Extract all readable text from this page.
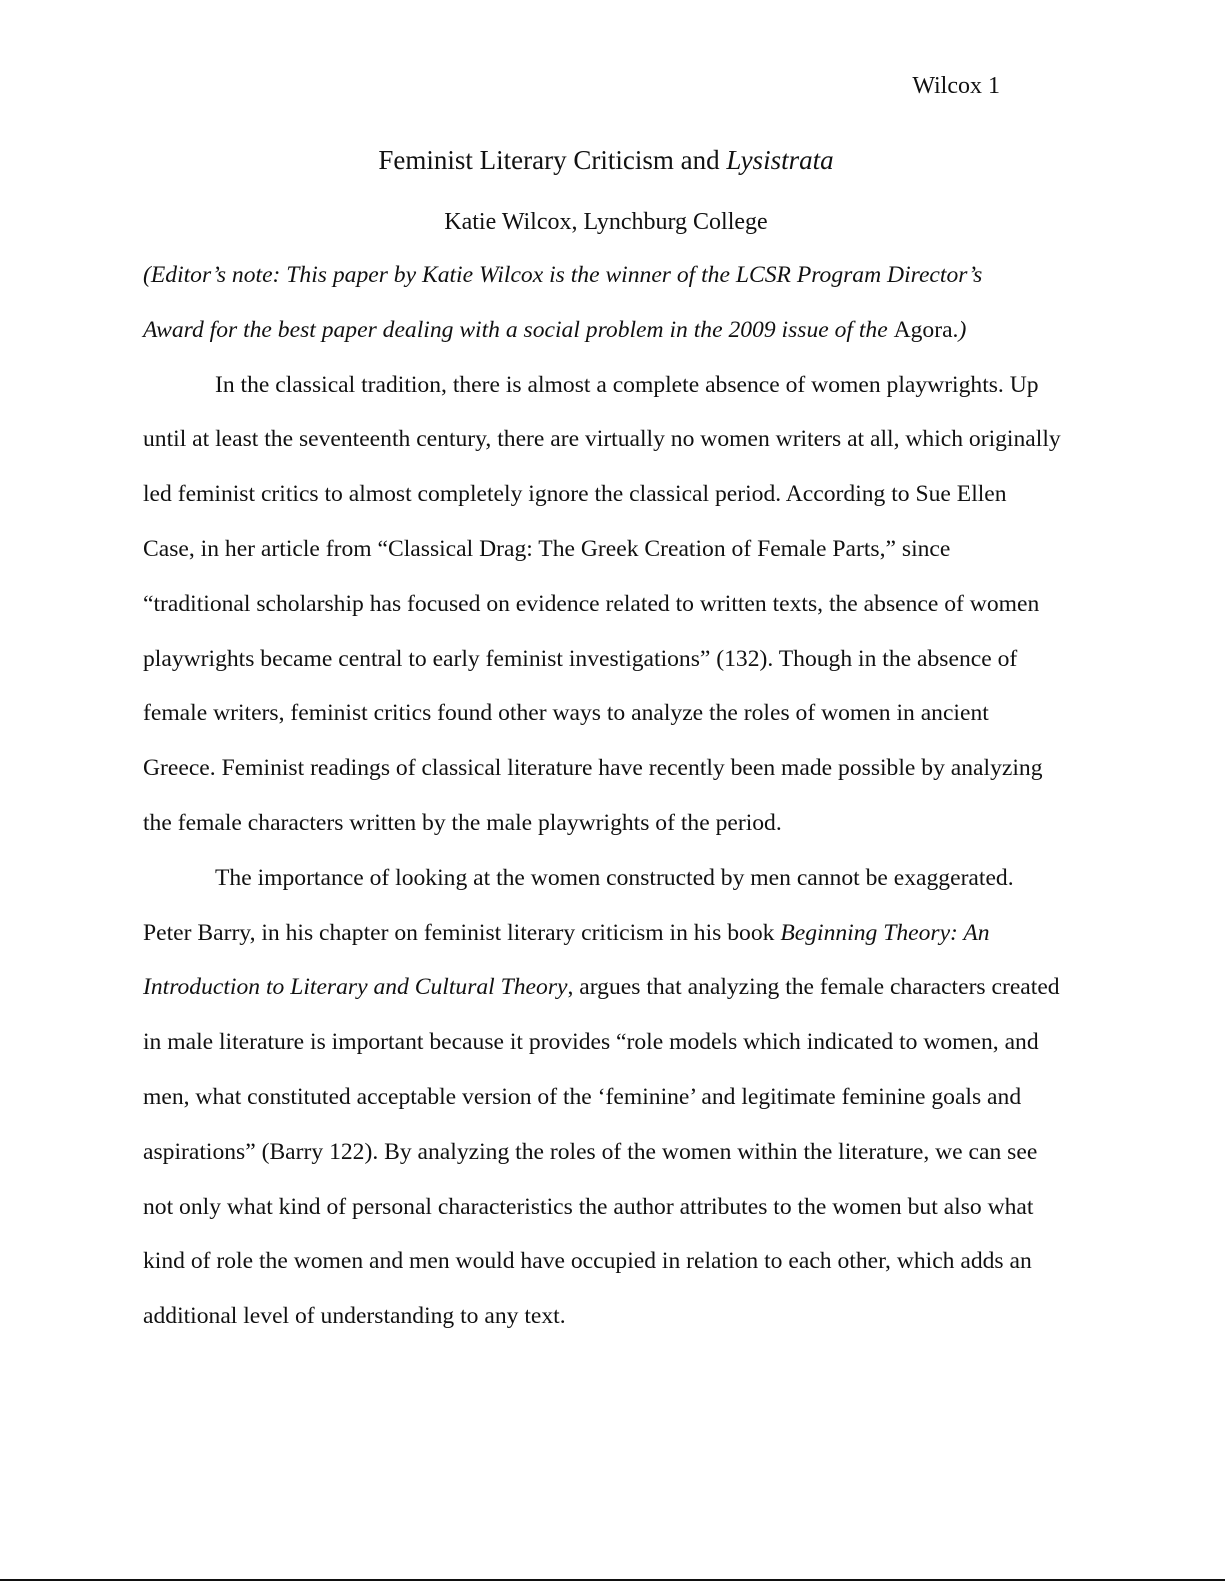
Wilcox 1
Feminist Literary Criticism and Lysistrata
Katie Wilcox, Lynchburg College
(Editor’s note: This paper by Katie Wilcox is the winner of the LCSR Program Director’s
Award for the best paper dealing with a social problem in the 2009 issue of the Agora.)
In the classical tradition, there is almost a complete absence of women playwrights. Up
until at least the seventeenth century, there are virtually no women writers at all, which originally
led feminist critics to almost completely ignore the classical period. According to Sue Ellen
Case, in her article from “Classical Drag: The Greek Creation of Female Parts,” since
“traditional scholarship has focused on evidence related to written texts, the absence of women
playwrights became central to early feminist investigations” (132). Though in the absence of
female writers, feminist critics found other ways to analyze the roles of women in ancient
Greece. Feminist readings of classical literature have recently been made possible by analyzing
the female characters written by the male playwrights of the period.
The importance of looking at the women constructed by men cannot be exaggerated.
Peter Barry, in his chapter on feminist literary criticism in his book Beginning Theory: An
Introduction to Literary and Cultural Theory, argues that analyzing the female characters created
in male literature is important because it provides “role models which indicated to women, and
men, what constituted acceptable version of the ‘feminine’ and legitimate feminine goals and
aspirations” (Barry 122). By analyzing the roles of the women within the literature, we can see
not only what kind of personal characteristics the author attributes to the women but also what
kind of role the women and men would have occupied in relation to each other, which adds an
additional level of understanding to any text.
